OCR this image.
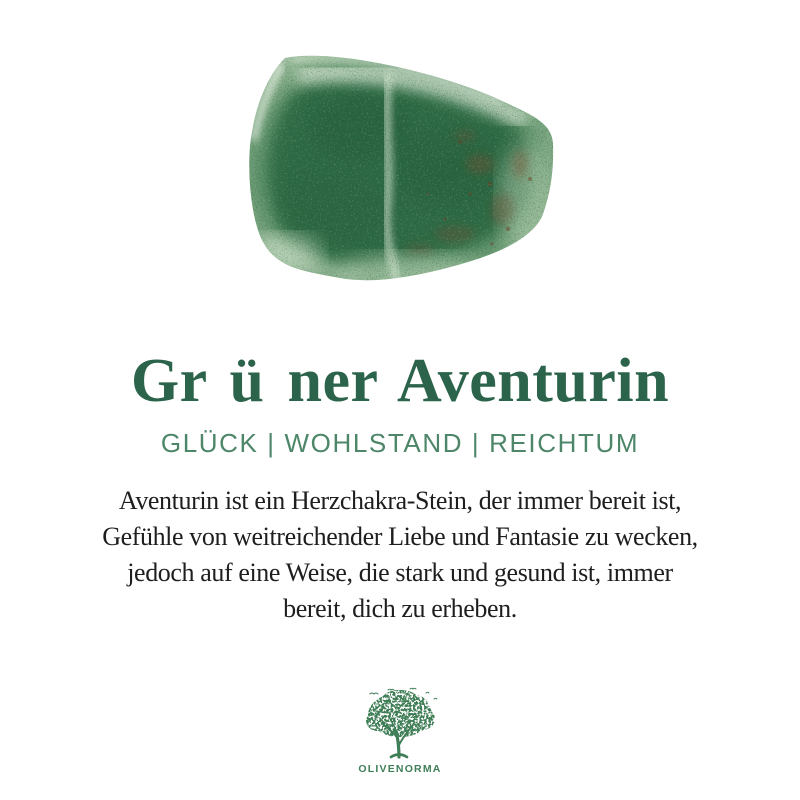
Gr ü ner Aventurin
GLÜCK | WOHLSTAND | REICHTUM
Aventurin ist ein Herzchakra-Stein, der immer bereit ist,
Gefühle von weitreichender Liebe und Fantasie zu wecken,
jedoch auf eine Weise, die stark und gesund ist, immer
bereit, dich zu erheben.
OLIVENORMA
